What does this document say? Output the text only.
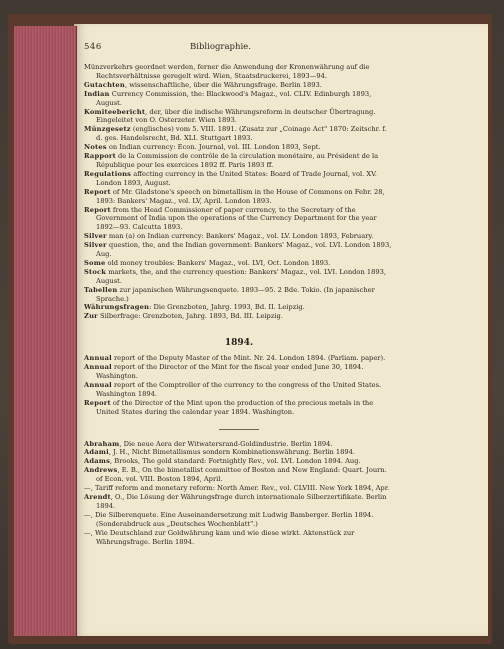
546	Bibliographie.
Münzverkehrs geordnet werden, ferner die Anwendung der Kronenwährung auf die Rechtsverhältnisse geregelt wird. Wien, Staatsdruckerei, 1893—94.
Gutachten, wissenschaftliche, über die Währungsfrage. Berlin 1893.
Indian Currency Commission, the: Blackwood's Magaz., vol. CLIV. Edinburgh 1893, August.
Komiteebericht, der, über die indische Währungsreform in deutscher Übertragung. Eingeleitet von O. Osterzeter. Wien 1893.
Münzgesetz (englisches) vom 5. VIII. 1891. (Zusatz zur „Coinage Act" 1870: Zeitschr. f. d. ges. Handelsrecht, Bd. XLI. Stuttgart 1893.
Notes on Indian currency: Econ. Journal, vol. III. London 1893, Sept.
Rapport de la Commission de contrôle de la circulation monétaire, au Président de la République pour les exercices 1892 ff. Paris 1893 ff.
Regulations affecting currency in the United States: Board of Trade Journal, vol. XV. London 1893, August.
Report of Mr. Gladstone's speech on bimetallism in the House of Commons on Febr. 28, 1893: Bankers' Magaz., vol. LV, April. London 1893.
Report from the Head Commissioner of paper currency, to the Secretary of the Government of India upon the operations of the Currency Department for the year 1892—93. Calcutta 1893.
Silver man (a) on Indian currency: Bankers' Magaz., vol. LV. London 1893, February.
Silver question, the, and the Indian government: Bankers' Magaz., vol. LVI. London 1893, Aug.
Some old money troubles: Bankers' Magaz., vol. LVI, Oct. London 1893.
Stock markets, the, and the currency question: Bankers' Magaz., vol. LVI. London 1893, August.
Tabellen zur japanischen Währungsenquete. 1893—95. 2 Bde. Tokio. (In japanischer Sprache.)
Währungsfragen: Die Grenzboten, Jahrg. 1993, Bd. II. Leipzig.
Zur Silberfrage: Grenzboten, Jahrg. 1893, Bd. III. Leipzig.
1894.
Annual report of the Deputy Master of the Mint. Nr. 24. London 1894. (Parliam. paper).
Annual report of the Director of the Mint for the fiscal year ended June 30, 1894. Washington.
Annual report of the Comptroller of the currency to the congress of the United States. Washington 1894.
Report of the Director of the Mint upon the production of the precious metals in the United States during the calendar year 1894. Washington.
Abraham, Die neue Aera der Witwatersrand-Goldindustrie. Berlin 1894.
Adami, J. H., Nicht Bimetallismus sondern Kombinationswährung. Berlin 1894.
Adams, Brooks, The gold standard: Fortnightly Rev., vol. LVI. London 1894. Aug.
Andrews, E. B., On the bimetallist committee of Boston and New England: Quart. Journ. of Econ. vol. VIII. Boston 1894, April.
—, Tariff reform and monetary reform: North Amer. Rev., vol. CLVIII. New York 1894, Apr.
Arendt, O., Die Lösung der Währungsfrage durch internationale Silberzertifikate. Berlin 1894.
—, Die Silberenquete. Eine Auseinandersetzung mit Ludwig Bamberger. Berlin 1894. (Sonderabdruck aus „Deutsches Wochenblatt".)
—, Wie Deutschland zur Goldwährung kam und wie diese wirkt. Aktenstück zur Währungsfrage. Berlin 1894.
